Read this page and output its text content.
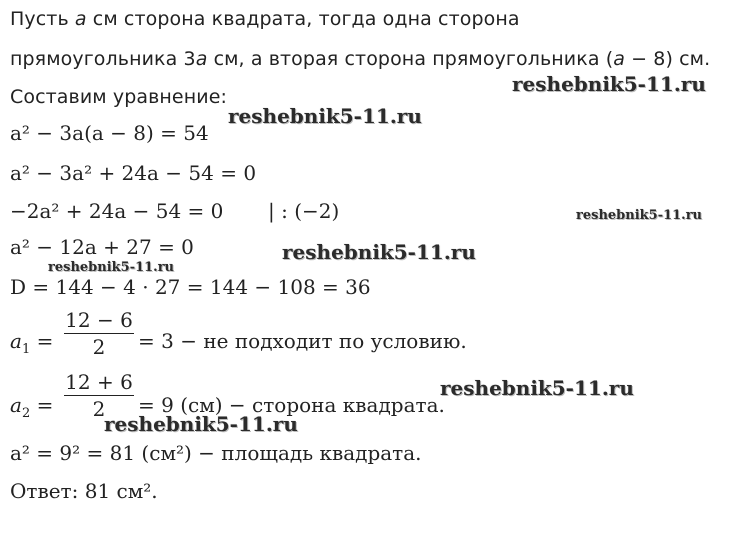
Пусть a см сторона квадрата, тогда одна сторона
прямоугольника 3a см, а вторая сторона прямоугольника (a − 8) см.
Составим уравнение:
a² − 3a(a − 8) = 54
a² − 3a² + 24a − 54 = 0
−2a² + 24a − 54 = 0 | : (−2)
a² − 12a + 27 = 0
D = 144 − 4 · 27 = 144 − 108 = 36
$a_1$ =
12 − 6
2	= 3 − не подходит по условию.
$a_2$ =
12 + 6
2	= 9 (см) − сторона квадрата.
a² = 9² = 81 (см²) − площадь квадрата.
Ответ: 81 см².
reshebnik5-11.ru
reshebnik5-11.ru
reshebnik5-11.ru
reshebnik5-11.ru
reshebnik5-11.ru
reshebnik5-11.ru
reshebnik5-11.ru
